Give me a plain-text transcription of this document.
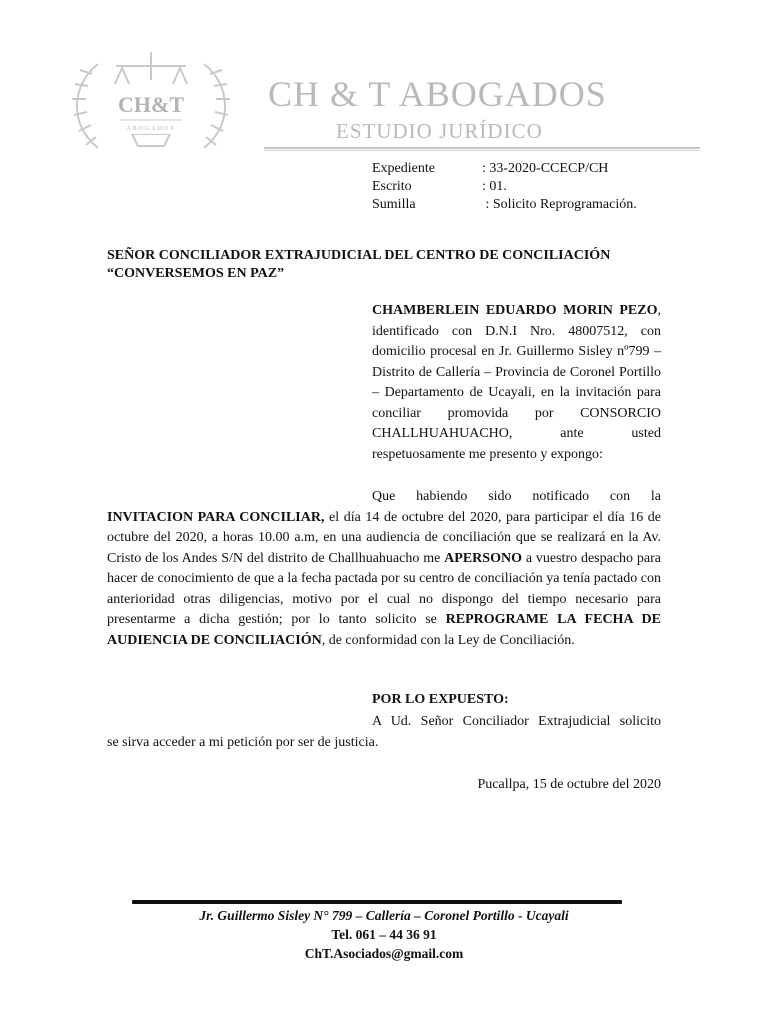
CH&T
ABOGADOS
CH & T ABOGADOS
ESTUDIO JURÍDICO
Expediente	: 33-2020-CCECP/CH
Escrito	: 01.
Sumilla	: Solicito Reprogramación.
SEÑOR CONCILIADOR EXTRAJUDICIAL DEL CENTRO DE CONCILIACIÓN
“CONVERSEMOS EN PAZ”
CHAMBERLEIN EDUARDO MORIN PEZO, identificado con D.N.I Nro. 48007512, con domicilio procesal en Jr. Guillermo Sisley nº799 – Distrito de Callería – Provincia de Coronel Portillo – Departamento de Ucayali, en la invitación para conciliar promovida por CONSORCIO CHALLHUAHUACHO, ante usted respetuosamente me presento y expongo:
Que habiendo sido notificado con la INVITACION PARA CONCILIAR, el día 14 de octubre del 2020, para participar el día 16 de octubre del 2020, a horas 10.00 a.m, en una audiencia de conciliación que se realizará en la Av. Cristo de los Andes S/N del distrito de Challhuahuacho me APERSONO a vuestro despacho para hacer de conocimiento de que a la fecha pactada por su centro de conciliación ya tenía pactado con anterioridad otras diligencias, motivo por el cual no dispongo del tiempo necesario para presentarme a dicha gestión; por lo tanto solicito se REPROGRAME LA FECHA DE AUDIENCIA DE CONCILIACIÓN, de conformidad con la Ley de Conciliación.
POR LO EXPUESTO:
A Ud. Señor Conciliador Extrajudicial solicito
se sirva acceder a mi petición por ser de justicia.
Pucallpa, 15 de octubre del 2020
Jr. Guillermo Sisley N° 799 – Callería – Coronel Portillo - Ucayali
Tel. 061 – 44 36 91
ChT.Asociados@gmail.com
